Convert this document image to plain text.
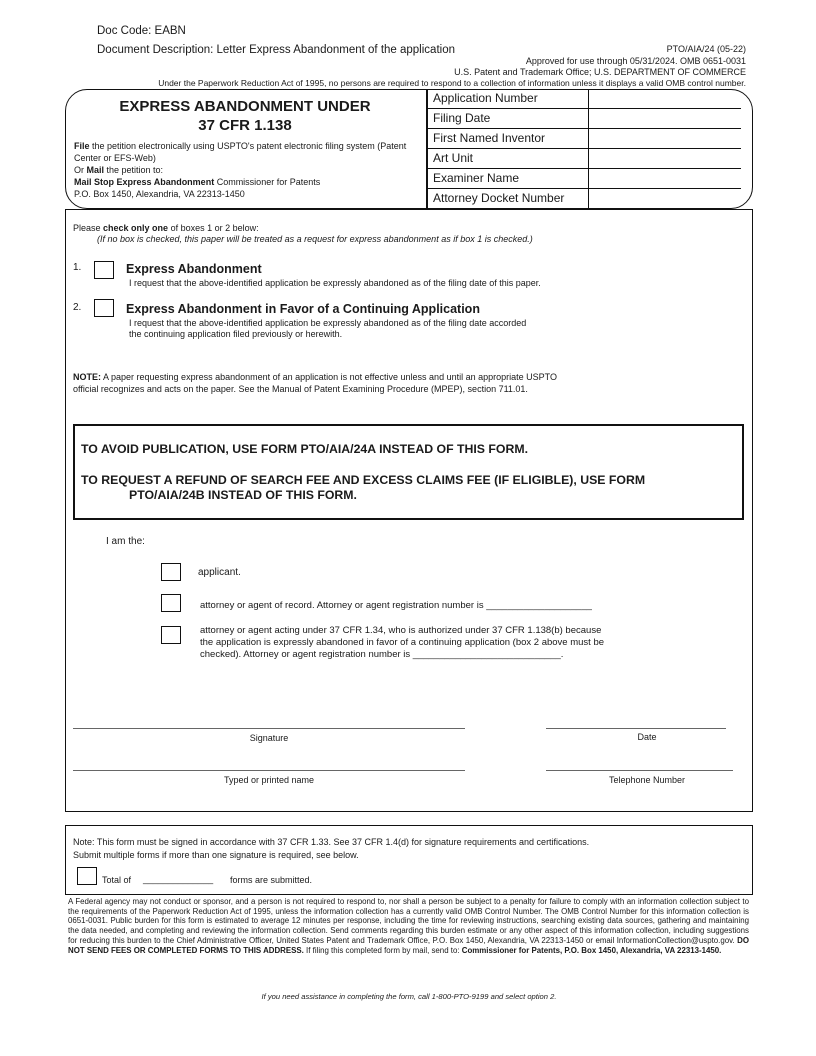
Doc Code: EABN
Document Description: Letter Express Abandonment of the application	PTO/AIA/24 (05-22)
Approved for use through 05/31/2024. OMB 0651-0031
U.S. Patent and Trademark Office; U.S. DEPARTMENT OF COMMERCE
Under the Paperwork Reduction Act of 1995, no persons are required to respond to a collection of information unless it displays a valid OMB control number.
EXPRESS ABANDONMENT UNDER
37 CFR 1.138
File the petition electronically using USPTO's patent electronic filing system (Patent Center or EFS-Web)
Or Mail the petition to:
Mail Stop Express Abandonment Commissioner for Patents
P.O. Box 1450, Alexandria, VA 22313-1450
Application Number
Filing Date
First Named Inventor
Art Unit
Examiner Name
Attorney Docket Number
Please check only one of boxes 1 or 2 below:
(If no box is checked, this paper will be treated as a request for express abandonment as if box 1 is checked.)
1.	Express Abandonment
I request that the above-identified application be expressly abandoned as of the filing date of this paper.
2.	Express Abandonment in Favor of a Continuing Application
I request that the above-identified application be expressly abandoned as of the filing date accorded
the continuing application filed previously or herewith.
NOTE: A paper requesting express abandonment of an application is not effective unless and until an appropriate USPTO
official recognizes and acts on the paper. See the Manual of Patent Examining Procedure (MPEP), section 711.01.
TO AVOID PUBLICATION, USE FORM PTO/AIA/24A INSTEAD OF THIS FORM.
TO REQUEST A REFUND OF SEARCH FEE AND EXCESS CLAIMS FEE (IF ELIGIBLE), USE FORM
PTO/AIA/24B INSTEAD OF THIS FORM.
I am the:
applicant.
attorney or agent of record. Attorney or agent registration number is ____________________
attorney or agent acting under 37 CFR 1.34, who is authorized under 37 CFR 1.138(b) because
the application is expressly abandoned in favor of a continuing application (box 2 above must be
checked). Attorney or agent registration number is ____________________________.
Signature	Date
Typed or printed name	Telephone Number
Note: This form must be signed in accordance with 37 CFR 1.33. See 37 CFR 1.4(d) for signature requirements and certifications.
Submit multiple forms if more than one signature is required, see below.
Total of ______________ forms are submitted.
A Federal agency may not conduct or sponsor, and a person is not required to respond to, nor shall a person be subject to a penalty for failure to comply with an information collection subject to the requirements of the Paperwork Reduction Act of 1995, unless the information collection has a currently valid OMB Control Number. The OMB Control Number for this information collection is 0651-0031. Public burden for this form is estimated to average 12 minutes per response, including the time for reviewing instructions, searching existing data sources, gathering and maintaining the data needed, and completing and reviewing the information collection. Send comments regarding this burden estimate or any other aspect of this information collection, including suggestions for reducing this burden to the Chief Administrative Officer, United States Patent and Trademark Office, P.O. Box 1450, Alexandria, VA 22313-1450 or email InformationCollection@uspto.gov. DO NOT SEND FEES OR COMPLETED FORMS TO THIS ADDRESS. If filing this completed form by mail, send to: Commissioner for Patents, P.O. Box 1450, Alexandria, VA 22313-1450.
If you need assistance in completing the form, call 1-800-PTO-9199 and select option 2.
